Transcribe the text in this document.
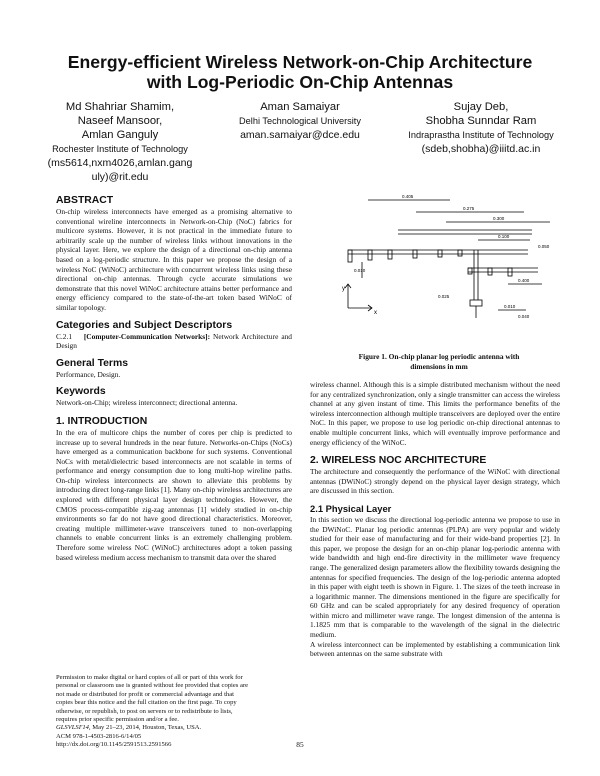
Energy-efficient Wireless Network-on-Chip Architecture
with Log-Periodic On-Chip Antennas
Md Shahriar Shamim,
Naseef Mansoor,
Amlan Ganguly
Rochester Institute of Technology
(ms5614,nxm4026,amlan.gang
uly)@rit.edu
Aman Samaiyar
Delhi Technological University
aman.samaiyar@dce.edu
Sujay Deb,
Shobha Sunndar Ram
Indraprastha Institute of Technology
(sdeb,shobha)@iiitd.ac.in
ABSTRACT

On-chip wireless interconnects have emerged as a promising alternative to conventional wireline interconnects in Network-on-Chip (NoC) fabrics for multicore systems. However, it is not practical in the immediate future to arbitrarily scale up the number of wireless links without innovations in the physical layer. Here, we explore the design of a directional on-chip antenna based on a log-periodic structure. In this paper we propose the design of a wireless NoC (WiNoC) architecture with concurrent wireless links using these directional on-chip antennas. Through cycle accurate simulations we demonstrate that this novel WiNoC architecture attains better performance and energy efficiency compared to the state-of-the-art token based WiNoC of similar topology.

Categories and Subject Descriptors

C.2.1 [Computer-Communication Networks]: Network Architecture and Design

General Terms

Performance, Design.

Keywords

Network-on-Chip; wireless interconnect; directional antenna.

1. INTRODUCTION

In the era of multicore chips the number of cores per chip is predicted to increase up to several hundreds in the near future. Networks-on-Chips (NoCs) have emerged as a communication backbone for such systems. Conventional NoCs with metal/dielectric based interconnects are not scalable in terms of performance and energy consumption due to long multi-hop wireline paths. On-chip wireless interconnects are shown to alleviate this problems by introducing direct long-range links [1]. Many on-chip wireless architectures are explored with different physical layer design technologies. However, the CMOS process-compatible zig-zag antennas [1] widely studied in on-chip environments so far do not have good directional characteristics. Moreover, creating multiple millimeter-wave transceivers tuned to non-overlapping channels to enable concurrent links is an extremely challenging problem. Therefore some wireless NoC (WiNoC) architectures adopt a token passing based wireless medium access mechanism to transmit data over the shared

Permission to make digital or hard copies of all or part of this work for
personal or classroom use is granted without fee provided that copies are
not made or distributed for profit or commercial advantage and that
copies bear this notice and the full citation on the first page. To copy
otherwise, or republish, to post on servers or to redistribute to lists,
requires prior specific permission and/or a fee.
GLSVLSI'14, May 21–23, 2014, Houston, Texas, USA.
ACM 978-1-4503-2816-6/14/05
http://dx.doi.org/10.1145/2591513.2591566
0.405
0.275
0.300
0.100
0.050
0.010
0.400
0.025
0.010
0.040
y
x
Figure 1. On-chip planar log periodic antenna with
dimensions in mm

wireless channel. Although this is a simple distributed mechanism without the need for any centralized synchronization, only a single transmitter can access the wireless channel at any given instant of time. This limits the performance benefits of the wireless interconnection although multiple transceivers are deployed over the entire NoC. In this paper, we propose to use log periodic on-chip directional antennas to enable multiple concurrent links, which will eventually improve performance and energy efficiency of the WiNoC.

2. WIRELESS NOC ARCHITECTURE

The architecture and consequently the performance of the WiNoC with directional antennas (DWiNoC) strongly depend on the physical layer design strategy, which are discussed in this section.

2.1 Physical Layer

In this section we discuss the directional log-periodic antenna we propose to use in the DWiNoC. Planar log periodic antennas (PLPA) are very popular and widely studied for their ease of manufacturing and for their wide-band properties [2]. In this paper, we propose the design for an on-chip planar log-periodic antenna with wide bandwidth and high end-fire directivity in the millimeter wave frequency range. The generalized design parameters allow the flexibility towards designing the antennas for specified frequencies. The design of the log-periodic antenna adopted in this paper with eight teeth is shown in Figure. 1. The sizes of the teeth increase in a logarithmic manner. The dimensions mentioned in the figure are specifically for 60 GHz and can be scaled appropriately for any desired frequency of operation within micro and millimeter wave range. The longest dimension of the antenna is 1.1825 mm that is comparable to the wavelength of the signal in the dielectric medium.

A wireless interconnect can be implemented by establishing a communication link between antennas on the same substrate with

85
